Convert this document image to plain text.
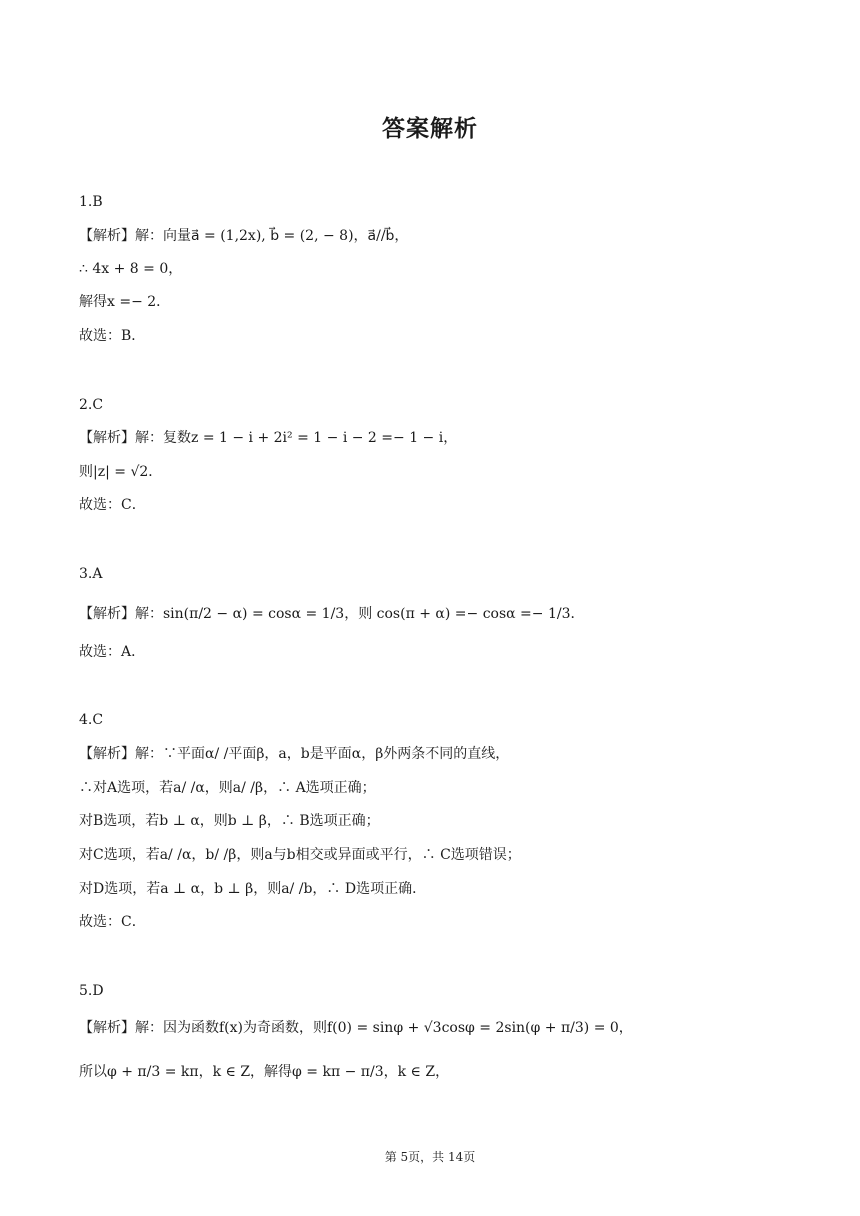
答案解析
1.B
【解析】解：向量a⃗ = (1,2x), b⃗ = (2, − 8)，a⃗//b⃗，
∴ 4x + 8 = 0，
解得x =− 2．
故选：B．
2.C
【解析】解：复数z = 1 − i + 2i² = 1 − i − 2 =− 1 − i，
则|z| = √2．
故选：C．
3.A
【解析】解：sin(π/2 − α) = cosα = 1/3，则 cos(π + α) =− cosα =− 1/3．
故选：A．
4.C
【解析】解：∵平面α/ /平面β，a，b是平面α，β外两条不同的直线，
∴对A选项，若a/ /α，则a/ /β，∴ A选项正确；
对B选项，若b ⊥ α，则b ⊥ β，∴ B选项正确；
对C选项，若a/ /α，b/ /β，则a与b相交或异面或平行，∴ C选项错误；
对D选项，若a ⊥ α，b ⊥ β，则a/ /b，∴ D选项正确．
故选：C．
5.D
【解析】解：因为函数f(x)为奇函数，则f(0) = sinφ + √3cosφ = 2sin(φ + π/3) = 0，
所以φ + π/3 = kπ，k ∈ Z，解得φ = kπ − π/3，k ∈ Z，
第 5页，共 14页
